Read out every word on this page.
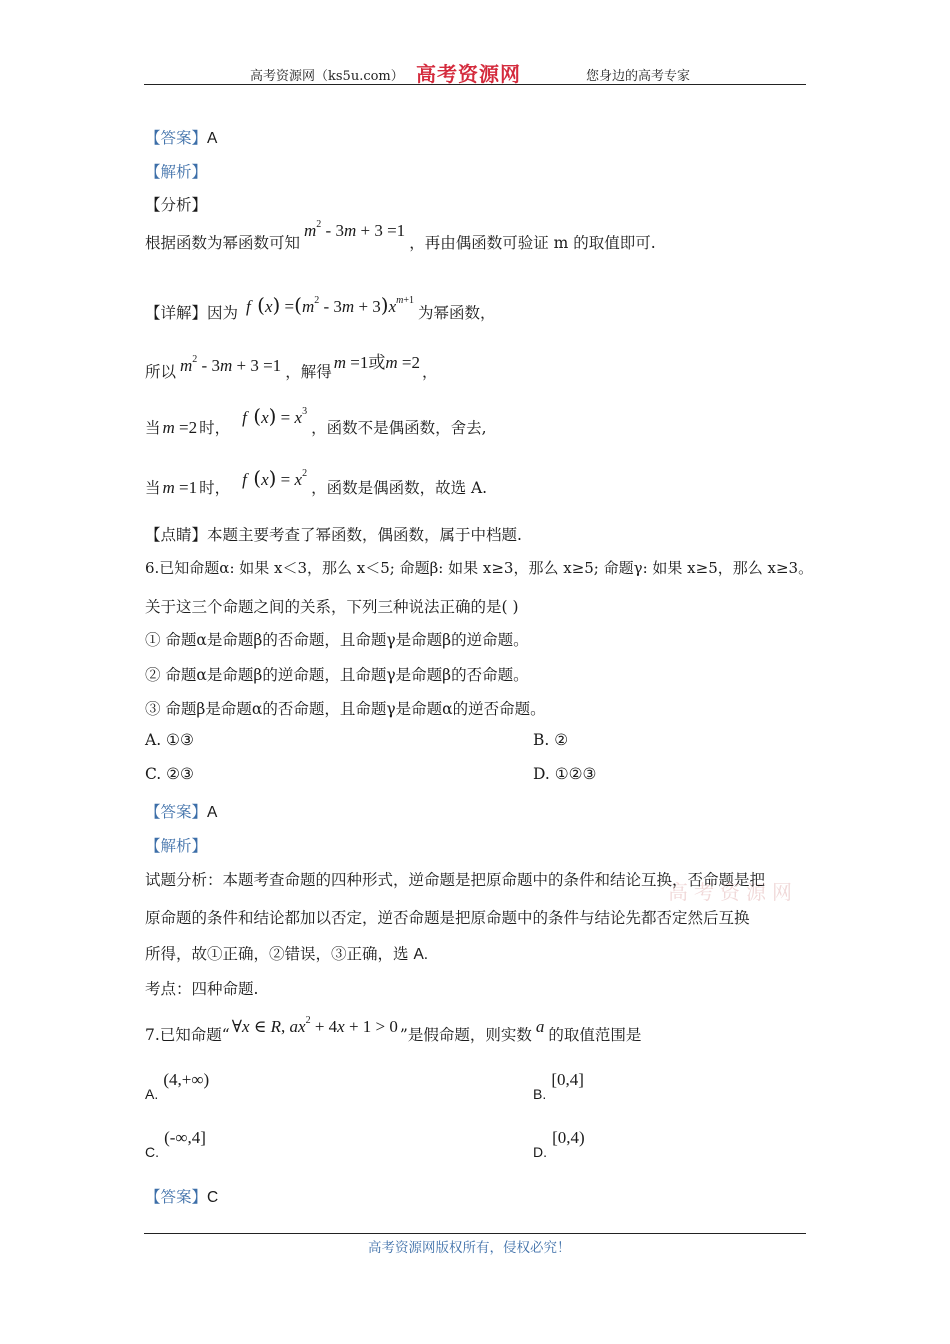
高考资源网（ks5u.com） 高考资源网	您身边的高考专家
【答案】A
【解析】
【分析】
根据函数为幂函数可知$m^2 - 3m + 3 =1$，再由偶函数可验证 m 的取值即可.
【详解】因为 f $(x) =(m^2 - 3m + 3)x^{m+1}$为幂函数，
所以 $m^2 - 3m + 3 =1$ ，解得 m =1或m =2 ，
当 m =2 时，f $(x) = x^3$，函数不是偶函数，舍去,
当 m =1 时， f $(x) = x^2$，函数是偶函数，故选 A.
【点睛】本题主要考查了幂函数，偶函数，属于中档题.
6.已知命题α: 如果 x＜3，那么 x＜5; 命题β: 如果 x≥3，那么 x≥5; 命题γ: 如果 x≥5，那么 x≥3。
关于这三个命题之间的关系，下列三种说法正确的是( )
① 命题α是命题β的否命题，且命题γ是命题β的逆命题。
② 命题α是命题β的逆命题，且命题γ是命题β的否命题。
③ 命题β是命题α的否命题，且命题γ是命题α的逆否命题。
A. ①③	B. ②
C. ②③	D. ①②③
【答案】A
【解析】
高考资源网
试题分析：本题考查命题的四种形式，逆命题是把原命题中的条件和结论互换，否命题是把
原命题的条件和结论都加以否定，逆否命题是把原命题中的条件与结论先都否定然后互换
所得，故①正确，②错误，③正确，选 A.
考点：四种命题.
7.已知命题“ ∀x ∈ R, $ax^2 + 4x + 1 > 0$ ”是假命题，则实数 a 的取值范围是
A. (4,+∞)
B. [0,4]
C. (-∞,4]
D. [0,4)
【答案】C
高考资源网版权所有，侵权必究！
